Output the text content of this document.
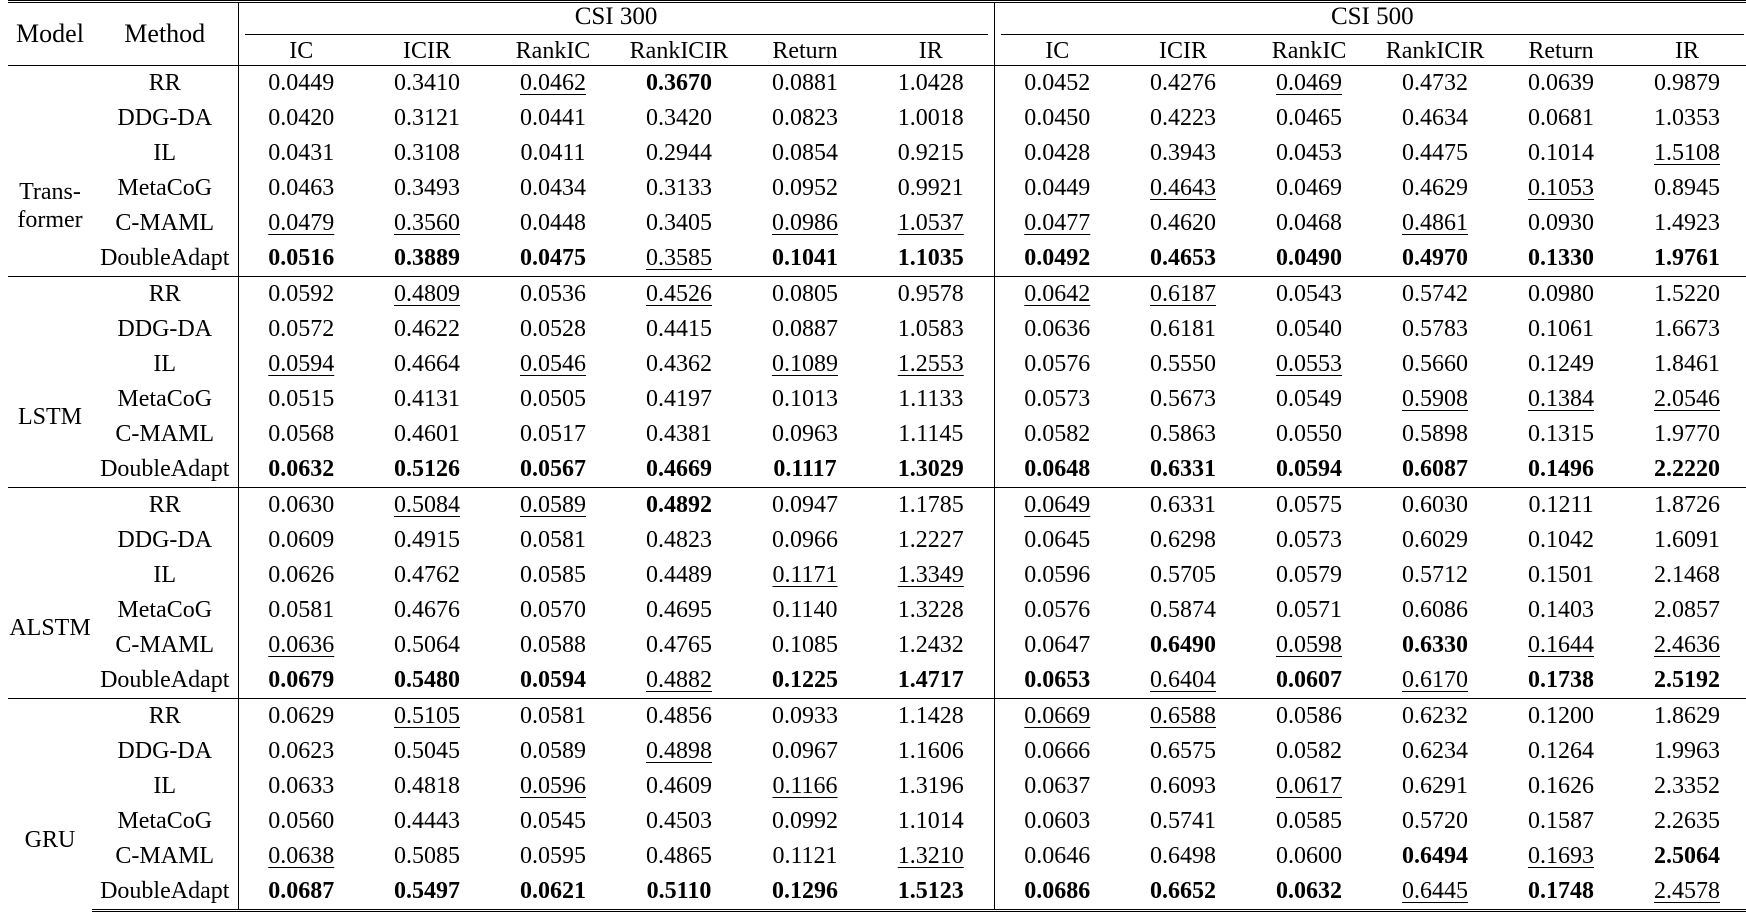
Model	Method	CSI 300						CSI 500					

		IC	ICIR	RankIC	RankICIR	Return	IR	IC	ICIR	RankIC	RankICIR	Return	IR
	RR	0.0449	0.3410	0.0462	0.3670	0.0881	1.0428	0.0452	0.4276	0.0469	0.4732	0.0639	0.9879
	DDG-DA	0.0420	0.3121	0.0441	0.3420	0.0823	1.0018	0.0450	0.4223	0.0465	0.4634	0.0681	1.0353
Trans-
former	IL	0.0431	0.3108	0.0411	0.2944	0.0854	0.9215	0.0428	0.3943	0.0453	0.4475	0.1014	1.5108
	MetaCoG	0.0463	0.3493	0.0434	0.3133	0.0952	0.9921	0.0449	0.4643	0.0469	0.4629	0.1053	0.8945
	C-MAML	0.0479	0.3560	0.0448	0.3405	0.0986	1.0537	0.0477	0.4620	0.0468	0.4861	0.0930	1.4923
	DoubleAdapt	0.0516	0.3889	0.0475	0.3585	0.1041	1.1035	0.0492	0.4653	0.0490	0.4970	0.1330	1.9761
	RR	0.0592	0.4809	0.0536	0.4526	0.0805	0.9578	0.0642	0.6187	0.0543	0.5742	0.0980	1.5220
	DDG-DA	0.0572	0.4622	0.0528	0.4415	0.0887	1.0583	0.0636	0.6181	0.0540	0.5783	0.1061	1.6673
LSTM	IL	0.0594	0.4664	0.0546	0.4362	0.1089	1.2553	0.0576	0.5550	0.0553	0.5660	0.1249	1.8461
	MetaCoG	0.0515	0.4131	0.0505	0.4197	0.1013	1.1133	0.0573	0.5673	0.0549	0.5908	0.1384	2.0546
	C-MAML	0.0568	0.4601	0.0517	0.4381	0.0963	1.1145	0.0582	0.5863	0.0550	0.5898	0.1315	1.9770
	DoubleAdapt	0.0632	0.5126	0.0567	0.4669	0.1117	1.3029	0.0648	0.6331	0.0594	0.6087	0.1496	2.2220
	RR	0.0630	0.5084	0.0589	0.4892	0.0947	1.1785	0.0649	0.6331	0.0575	0.6030	0.1211	1.8726
	DDG-DA	0.0609	0.4915	0.0581	0.4823	0.0966	1.2227	0.0645	0.6298	0.0573	0.6029	0.1042	1.6091
ALSTM	IL	0.0626	0.4762	0.0585	0.4489	0.1171	1.3349	0.0596	0.5705	0.0579	0.5712	0.1501	2.1468
	MetaCoG	0.0581	0.4676	0.0570	0.4695	0.1140	1.3228	0.0576	0.5874	0.0571	0.6086	0.1403	2.0857
	C-MAML	0.0636	0.5064	0.0588	0.4765	0.1085	1.2432	0.0647	0.6490	0.0598	0.6330	0.1644	2.4636
	DoubleAdapt	0.0679	0.5480	0.0594	0.4882	0.1225	1.4717	0.0653	0.6404	0.0607	0.6170	0.1738	2.5192
	RR	0.0629	0.5105	0.0581	0.4856	0.0933	1.1428	0.0669	0.6588	0.0586	0.6232	0.1200	1.8629
	DDG-DA	0.0623	0.5045	0.0589	0.4898	0.0967	1.1606	0.0666	0.6575	0.0582	0.6234	0.1264	1.9963
GRU	IL	0.0633	0.4818	0.0596	0.4609	0.1166	1.3196	0.0637	0.6093	0.0617	0.6291	0.1626	2.3352
	MetaCoG	0.0560	0.4443	0.0545	0.4503	0.0992	1.1014	0.0603	0.5741	0.0585	0.5720	0.1587	2.2635
	C-MAML	0.0638	0.5085	0.0595	0.4865	0.1121	1.3210	0.0646	0.6498	0.0600	0.6494	0.1693	2.5064
	DoubleAdapt	0.0687	0.5497	0.0621	0.5110	0.1296	1.5123	0.0686	0.6652	0.0632	0.6445	0.1748	2.4578
